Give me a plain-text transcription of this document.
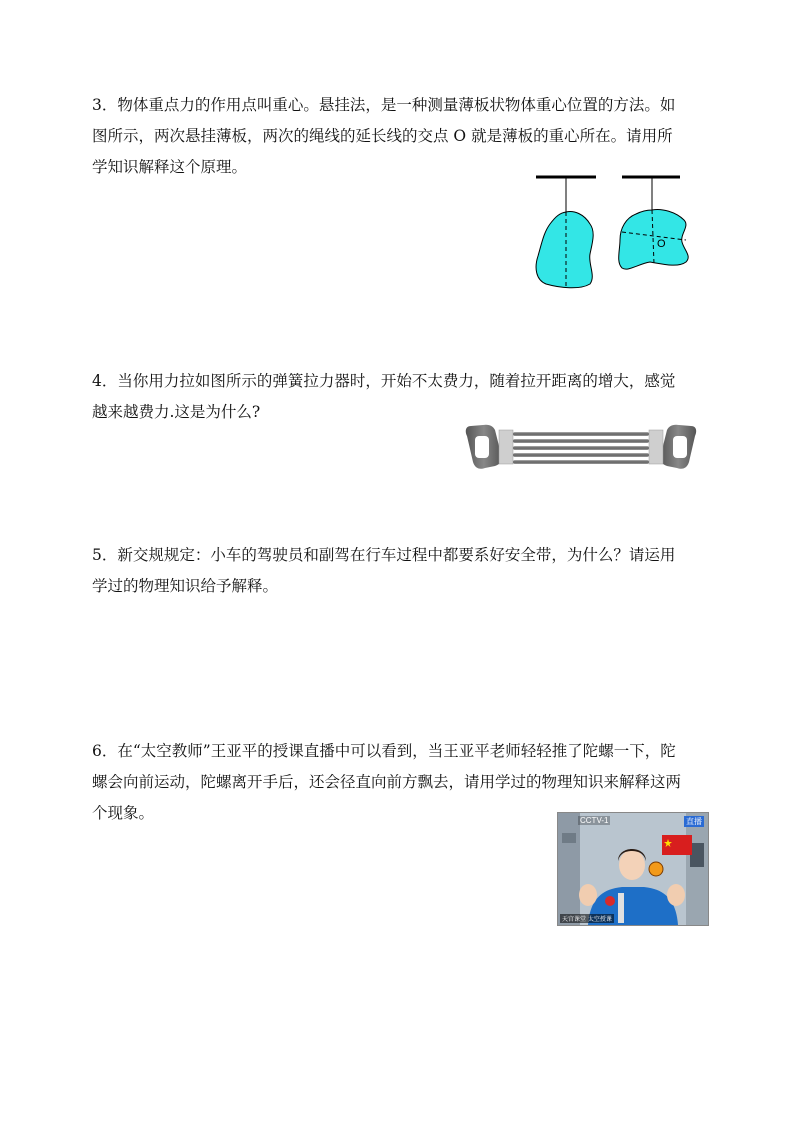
3．物体重点力的作用点叫重心。悬挂法，是一种测量薄板状物体重心位置的方法。如

图所示，两次悬挂薄板，两次的绳线的延长线的交点 O 就是薄板的重心所在。请用所

学知识解释这个原理。

O

4．当你用力拉如图所示的弹簧拉力器时，开始不太费力，随着拉开距离的增大，感觉

越来越费力.这是为什么?

5．新交规规定：小车的驾驶员和副驾在行车过程中都要系好安全带，为什么？请运用

学过的物理知识给予解释。

6．在“太空教师”王亚平的授课直播中可以看到，当王亚平老师轻轻推了陀螺一下，陀

螺会向前运动，陀螺离开手后，还会径直向前方飘去，请用学过的物理知识来解释这两

个现象。	CCTV-1	直播
天宫课堂 太空授课
